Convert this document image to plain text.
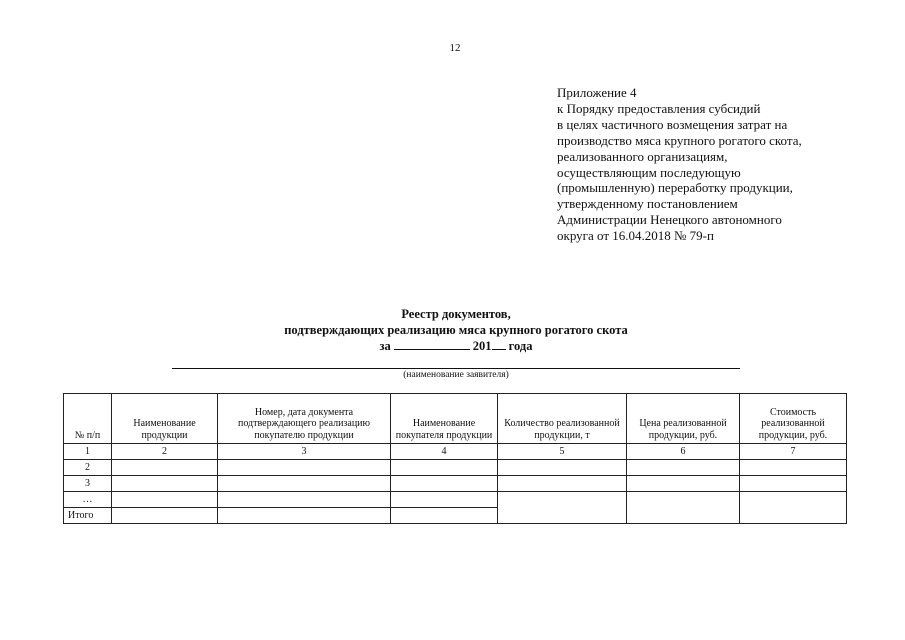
12
Приложение 4
к Порядку предоставления субсидий
в целях частичного возмещения затрат на
производство мяса крупного рогатого скота,
реализованного организациям,
осуществляющим последующую
(промышленную) переработку продукции,
утвержденному постановлением
Администрации Ненецкого автономного
округа от 16.04.2018 № 79-п
Реестр документов,
подтверждающих реализацию мяса крупного рогатого скота
за	201 года
(наименование заявителя)
№ п/п	Наименование продукции	Номер, дата документа подтверждающего реализацию покупателю продукции	Наименование покупателя продукции	Количество реализованной продукции, т	Цена реализованной продукции, руб.	Стоимость реализованной продукции, руб.
1	2	3	4	5	6	7
2						
3						
…						
Итого						
